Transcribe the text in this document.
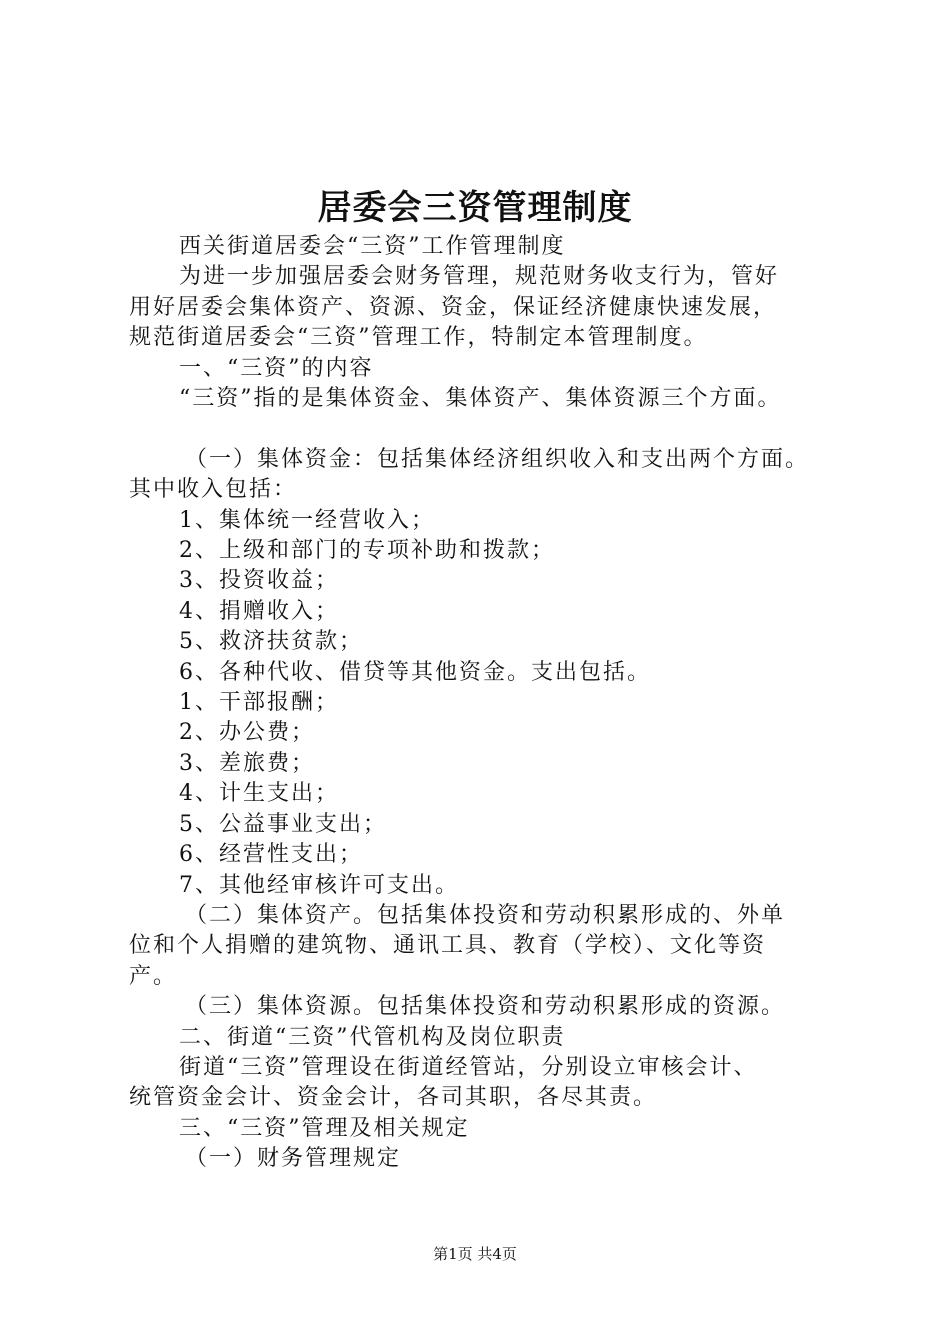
居委会三资管理制度

西关街道居委会“三资”工作管理制度

为进一步加强居委会财务管理，规范财务收支行为，管好

用好居委会集体资产、资源、资金，保证经济健康快速发展，

规范街道居委会“三资”管理工作，特制定本管理制度。

一、“三资”的内容

“三资”指的是集体资金、集体资产、集体资源三个方面。

（一）集体资金：包括集体经济组织收入和支出两个方面。

其中收入包括：

1、集体统一经营收入；

2、上级和部门的专项补助和拨款；

3、投资收益；

4、捐赠收入；

5、救济扶贫款；

6、各种代收、借贷等其他资金。支出包括。

1、干部报酬；

2、办公费；

3、差旅费；

4、计生支出；

5、公益事业支出；

6、经营性支出；

7、其他经审核许可支出。

（二）集体资产。包括集体投资和劳动积累形成的、外单

位和个人捐赠的建筑物、通讯工具、教育（学校）、文化等资

产。

（三）集体资源。包括集体投资和劳动积累形成的资源。

二、街道“三资”代管机构及岗位职责

街道“三资”管理设在街道经管站，分别设立审核会计、

统管资金会计、资金会计，各司其职，各尽其责。

三、“三资”管理及相关规定

（一）财务管理规定

第1页 共4页
